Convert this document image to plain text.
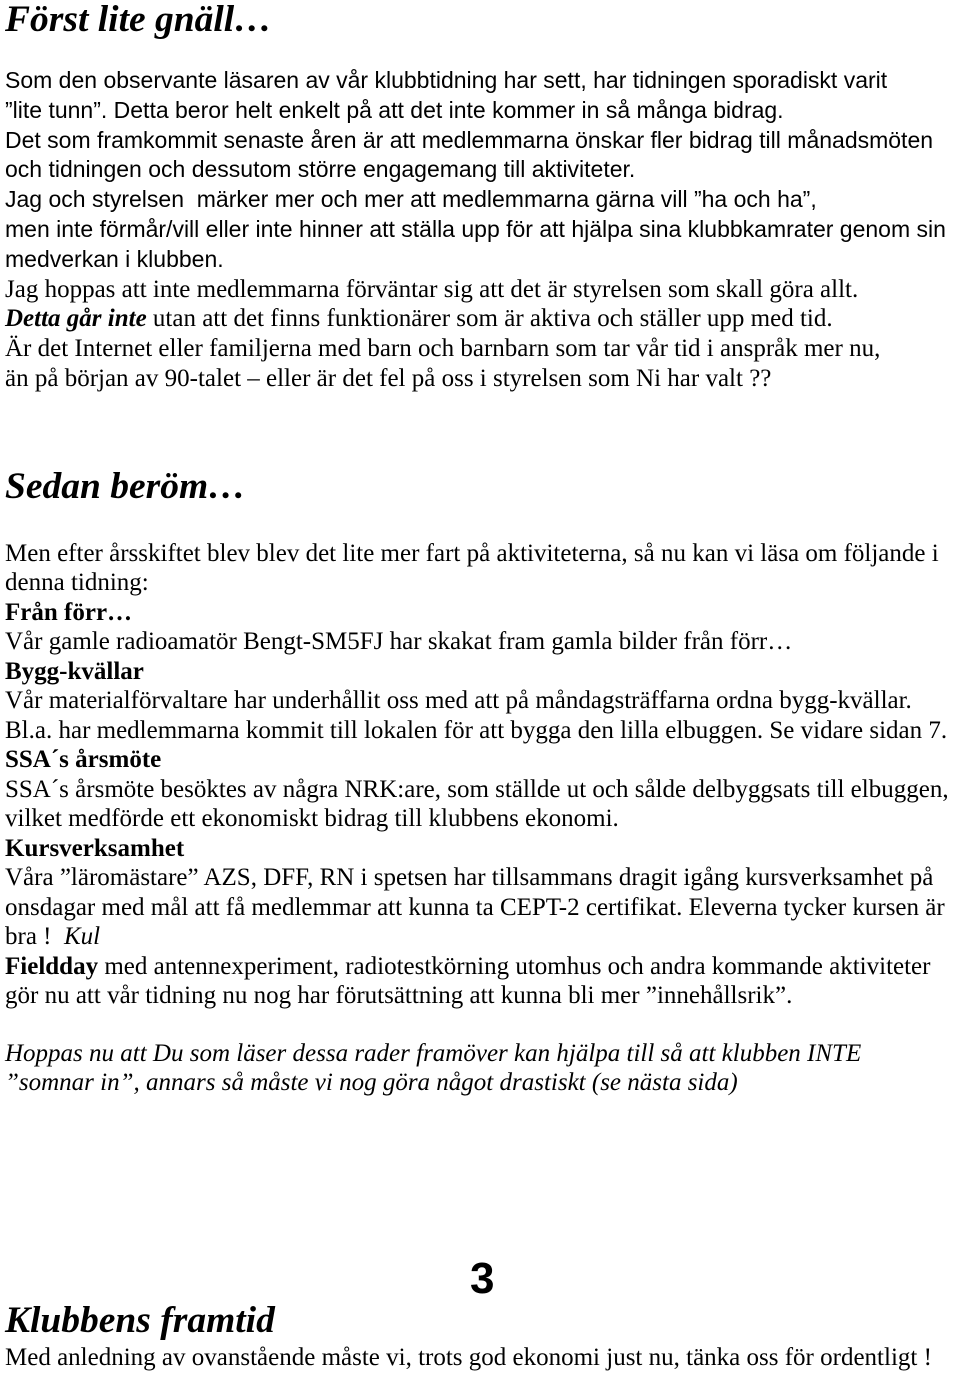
Först lite gnäll…
Som den observante läsaren av vår klubbtidning har sett, har tidningen sporadiskt varit
”lite tunn”. Detta beror helt enkelt på att det inte kommer in så många bidrag.
Det som framkommit senaste åren är att medlemmarna önskar fler bidrag till månadsmöten
och tidningen och dessutom större engagemang till aktiviteter.
Jag och styrelsen  märker mer och mer att medlemmarna gärna vill ”ha och ha”,
men inte förmår/vill eller inte hinner att ställa upp för att hjälpa sina klubbkamrater genom sin
medverkan i klubben.
Jag hoppas att inte medlemmarna förväntar sig att det är styrelsen som skall göra allt.
Detta går inte utan att det finns funktionärer som är aktiva och ställer upp med tid.
Är det Internet eller familjerna med barn och barnbarn som tar vår tid i anspråk mer nu,
än på början av 90-talet – eller är det fel på oss i styrelsen som Ni har valt ??
Sedan beröm…
Men efter årsskiftet blev blev det lite mer fart på aktiviteterna, så nu kan vi läsa om följande i
denna tidning:
Från förr…
Vår gamle radioamatör Bengt-SM5FJ har skakat fram gamla bilder från förr…
Bygg-kvällar
Vår materialförvaltare har underhållit oss med att på måndagsträffarna ordna bygg-kvällar.
Bl.a. har medlemmarna kommit till lokalen för att bygga den lilla elbuggen. Se vidare sidan 7.
SSA´s årsmöte
SSA´s årsmöte besöktes av några NRK:are, som ställde ut och sålde delbyggsats till elbuggen,
vilket medförde ett ekonomiskt bidrag till klubbens ekonomi.
Kursverksamhet
Våra ”läromästare” AZS, DFF, RN i spetsen har tillsammans dragit igång kursverksamhet på
onsdagar med mål att få medlemmar att kunna ta CEPT-2 certifikat. Eleverna tycker kursen är
bra !  Kul
Fieldday med antennexperiment, radiotestkörning utomhus och andra kommande aktiviteter
gör nu att vår tidning nu nog har förutsättning att kunna bli mer ”innehållsrik”.
Hoppas nu att Du som läser dessa rader framöver kan hjälpa till så att klubben INTE
”somnar in”, annars så måste vi nog göra något drastiskt (se nästa sida)
3
Klubbens framtid
Med anledning av ovanstående måste vi, trots god ekonomi just nu, tänka oss för ordentligt !
